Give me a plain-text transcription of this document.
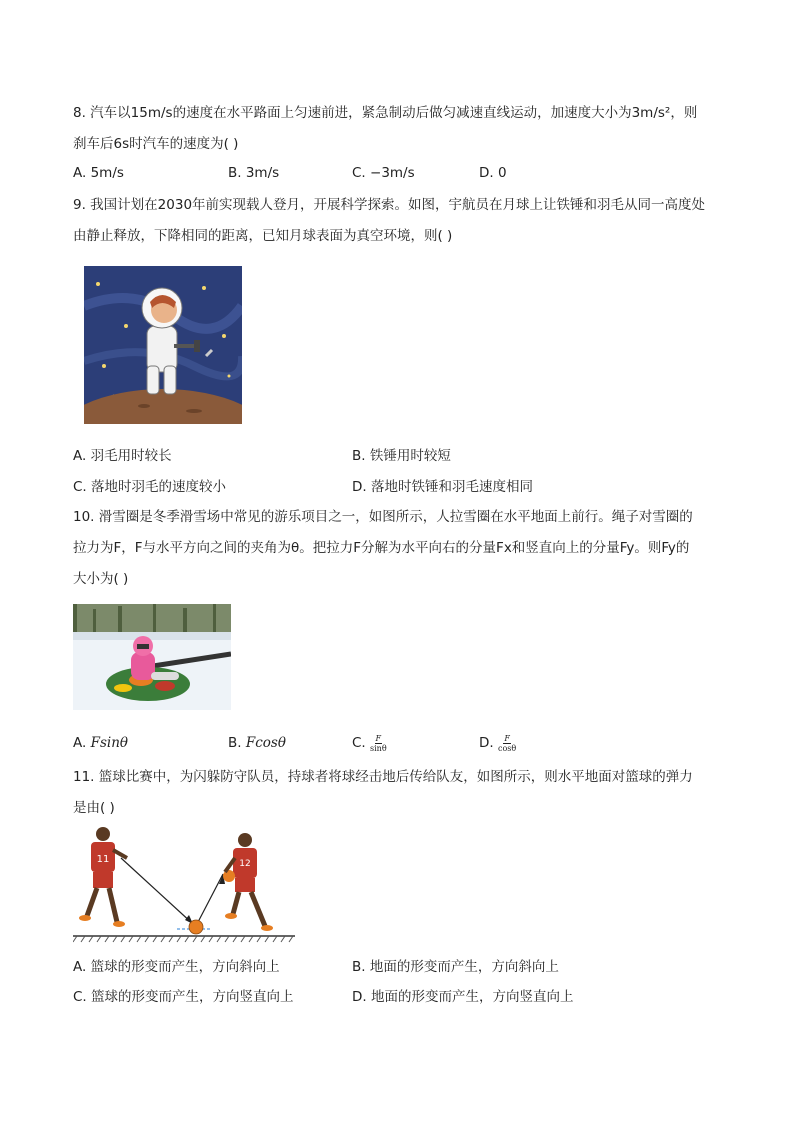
8. 汽车以15m/s的速度在水平路面上匀速前进，紧急制动后做匀减速直线运动，加速度大小为3m/s²，则

刹车后6s时汽车的速度为( )

A. 5m/s	B. 3m/s	C. −3m/s	D. 0

9. 我国计划在2030年前实现载人登月，开展科学探索。如图，宇航员在月球上让铁锤和羽毛从同一高度处

由静止释放，下降相同的距离，已知月球表面为真空环境，则( )

A. 羽毛用时较长	B. 铁锤用时较短
C. 落地时羽毛的速度较小	D. 落地时铁锤和羽毛速度相同

10. 滑雪圈是冬季滑雪场中常见的游乐项目之一，如图所示，人拉雪圈在水平地面上前行。绳子对雪圈的

拉力为F，F与水平方向之间的夹角为θ。把拉力F分解为水平向右的分量Fx和竖直向上的分量Fy。则Fy的

大小为( )

A. Fsinθ	B. Fcosθ	C. $\frac{F}{\sin\theta}$	D. $\frac{F}{\cos\theta}$

11. 篮球比赛中，为闪躲防守队员，持球者将球经击地后传给队友，如图所示，则水平地面对篮球的弹力

是由( )

11	12
A. 篮球的形变而产生，方向斜向上	B. 地面的形变而产生，方向斜向上
C. 篮球的形变而产生，方向竖直向上	D. 地面的形变而产生，方向竖直向上
